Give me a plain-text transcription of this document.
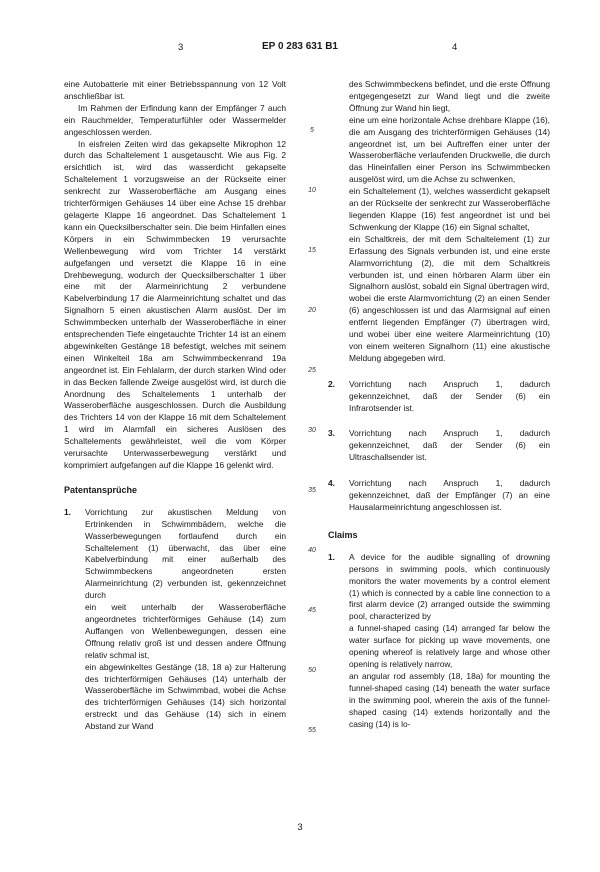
3	EP 0 283 631 B1	4

eine Autobatterie mit einer Betriebsspannung von 12 Volt anschließbar ist.

Im Rahmen der Erfindung kann der Empfänger 7 auch ein Rauchmelder, Temperaturfühler oder Wassermelder angeschlossen werden.

In eisfreien Zeiten wird das gekapselte Mikrophon 12 durch das Schaltelement 1 ausgetauscht. Wie aus Fig. 2 ersichtlich ist, wird das wasserdicht gekapselte Schaltelement 1 vorzugsweise an der Rückseite einer senkrecht zur Wasseroberfläche am Ausgang eines trichterförmigen Gehäuses 14 über eine Achse 15 drehbar gelagerte Klappe 16 angeordnet. Das Schaltelement 1 kann ein Quecksilberschalter sein. Die beim Hinfallen eines Körpers in ein Schwimmbecken 19 verursachte Wellenbewegung wird vom Trichter 14 verstärkt aufgefangen und versetzt die Klappe 16 in eine Drehbewegung, wodurch der Quecksilberschalter 1 über eine mit der Alarmeinrichtung 2 verbundene Kabelverbindung 17 die Alarmeinrichtung schaltet und das Signalhorn 5 einen akustischen Alarm auslöst. Der im Schwimmbecken unterhalb der Wasseroberfläche in einer entsprechenden Tiefe eingetauchte Trichter 14 ist an einem abgewinkelten Gestänge 18 befestigt, welches mit seinem einen Winkelteil 18a am Schwimmbeckenrand 19a angeordnet ist. Ein Fehlalarm, der durch starken Wind oder in das Becken fallende Zweige ausgelöst wird, ist durch die Anordnung des Schaltelements 1 unterhalb der Wasseroberfläche ausgeschlossen. Durch die Ausbildung des Trichters 14 von der Klappe 16 mit dem Schaltelement 1 wird im Alarmfall ein sicheres Auslösen des Schaltelements gewährleistet, weil die vom Körper verursachte Unterwasserbewegung verstärkt und komprimiert aufgefangen auf die Klappe 16 gelenkt wird.

Patentansprüche
1.	Vorrichtung zur akustischen Meldung von Ertrinkenden in Schwimmbädern, welche die Wasserbewegungen fortlaufend durch ein Schaltelement (1) überwacht, das über eine Kabelverbindung mit einer außerhalb des Schwimmbeckens angeordneten ersten Alarmeinrichtung (2) verbunden ist, gekennzeichnet durch
ein weit unterhalb der Wasseroberfläche angeordnetes trichterförmiges Gehäuse (14) zum Auffangen von Wellenbewegungen, dessen eine Öffnung relativ groß ist und dessen andere Öffnung relativ schmal ist,
ein abgewinkeltes Gestänge (18, 18 a) zur Halterung des trichterförmigen Gehäuses (14) unterhalb der Wasseroberfläche im Schwimmbad, wobei die Achse des trichterförmigen Gehäuses (14) sich horizontal erstreckt und das Gehäuse (14) sich in einem Abstand zur Wand
5
10
15
20
25
30
35
40
45
50
55
des Schwimmbeckens befindet, und die erste Öffnung entgegengesetzt zur Wand liegt und die zweite Öffnung zur Wand hin liegt,
eine um eine horizontale Achse drehbare Klappe (16), die am Ausgang des trichterförmigen Gehäuses (14) angeordnet ist, um bei Auftreffen einer unter der Wasseroberfläche verlaufenden Druckwelle, die durch das Hineinfallen einer Person ins Schwimmbecken ausgelöst wird, um die Achse zu schwenken,
ein Schaltelement (1), welches wasserdicht gekapselt an der Rückseite der senkrecht zur Wasseroberfläche liegenden Klappe (16) fest angeordnet ist und bei Schwenkung der Klappe (16) ein Signal schaltet,
ein Schaltkreis, der mit dem Schaltelement (1) zur Erfassung des Signals verbunden ist, und eine erste Alarmvorrichtung (2), die mit dem Schaltkreis verbunden ist, und einen hörbaren Alarm über ein Signalhorn auslöst, sobald ein Signal übertragen wird,
wobei die erste Alarmvorrichtung (2) an einen Sender (6) angeschlossen ist und das Alarmsignal auf einen entfernt liegenden Empfänger (7) übertragen wird, und wobei über eine weitere Alarmeinrichtung (10) von einem weiteren Signalhorn (11) eine akustische Meldung abgegeben wird.
2.	Vorrichtung nach Anspruch 1, dadurch gekennzeichnet, daß der Sender (6) ein Infrarotsender ist.
3.	Vorrichtung nach Anspruch 1, dadurch gekennzeichnet, daß der Sender (6) ein Ultraschallsender ist.
4.	Vorrichtung nach Anspruch 1, dadurch gekennzeichnet, daß der Empfänger (7) an eine Hausalarmeinrichtung angeschlossen ist.
Claims
1.	A device for the audible signalling of drowning persons in swimming pools, which continuously monitors the water movements by a control element (1) which is connected by a cable line connection to a first alarm device (2) arranged outside the swimming pool, characterized by
a funnel-shaped casing (14) arranged far below the water surface for picking up wave movements, one opening whereof is relatively large and whose other opening is relatively narrow,
an angular rod assembly (18, 18a) for mounting the funnel-shaped casing (14) beneath the water surface in the swimming pool, wherein the axis of the funnel-shaped casing (14) extends horizontally and the casing (14) is lo-
3
